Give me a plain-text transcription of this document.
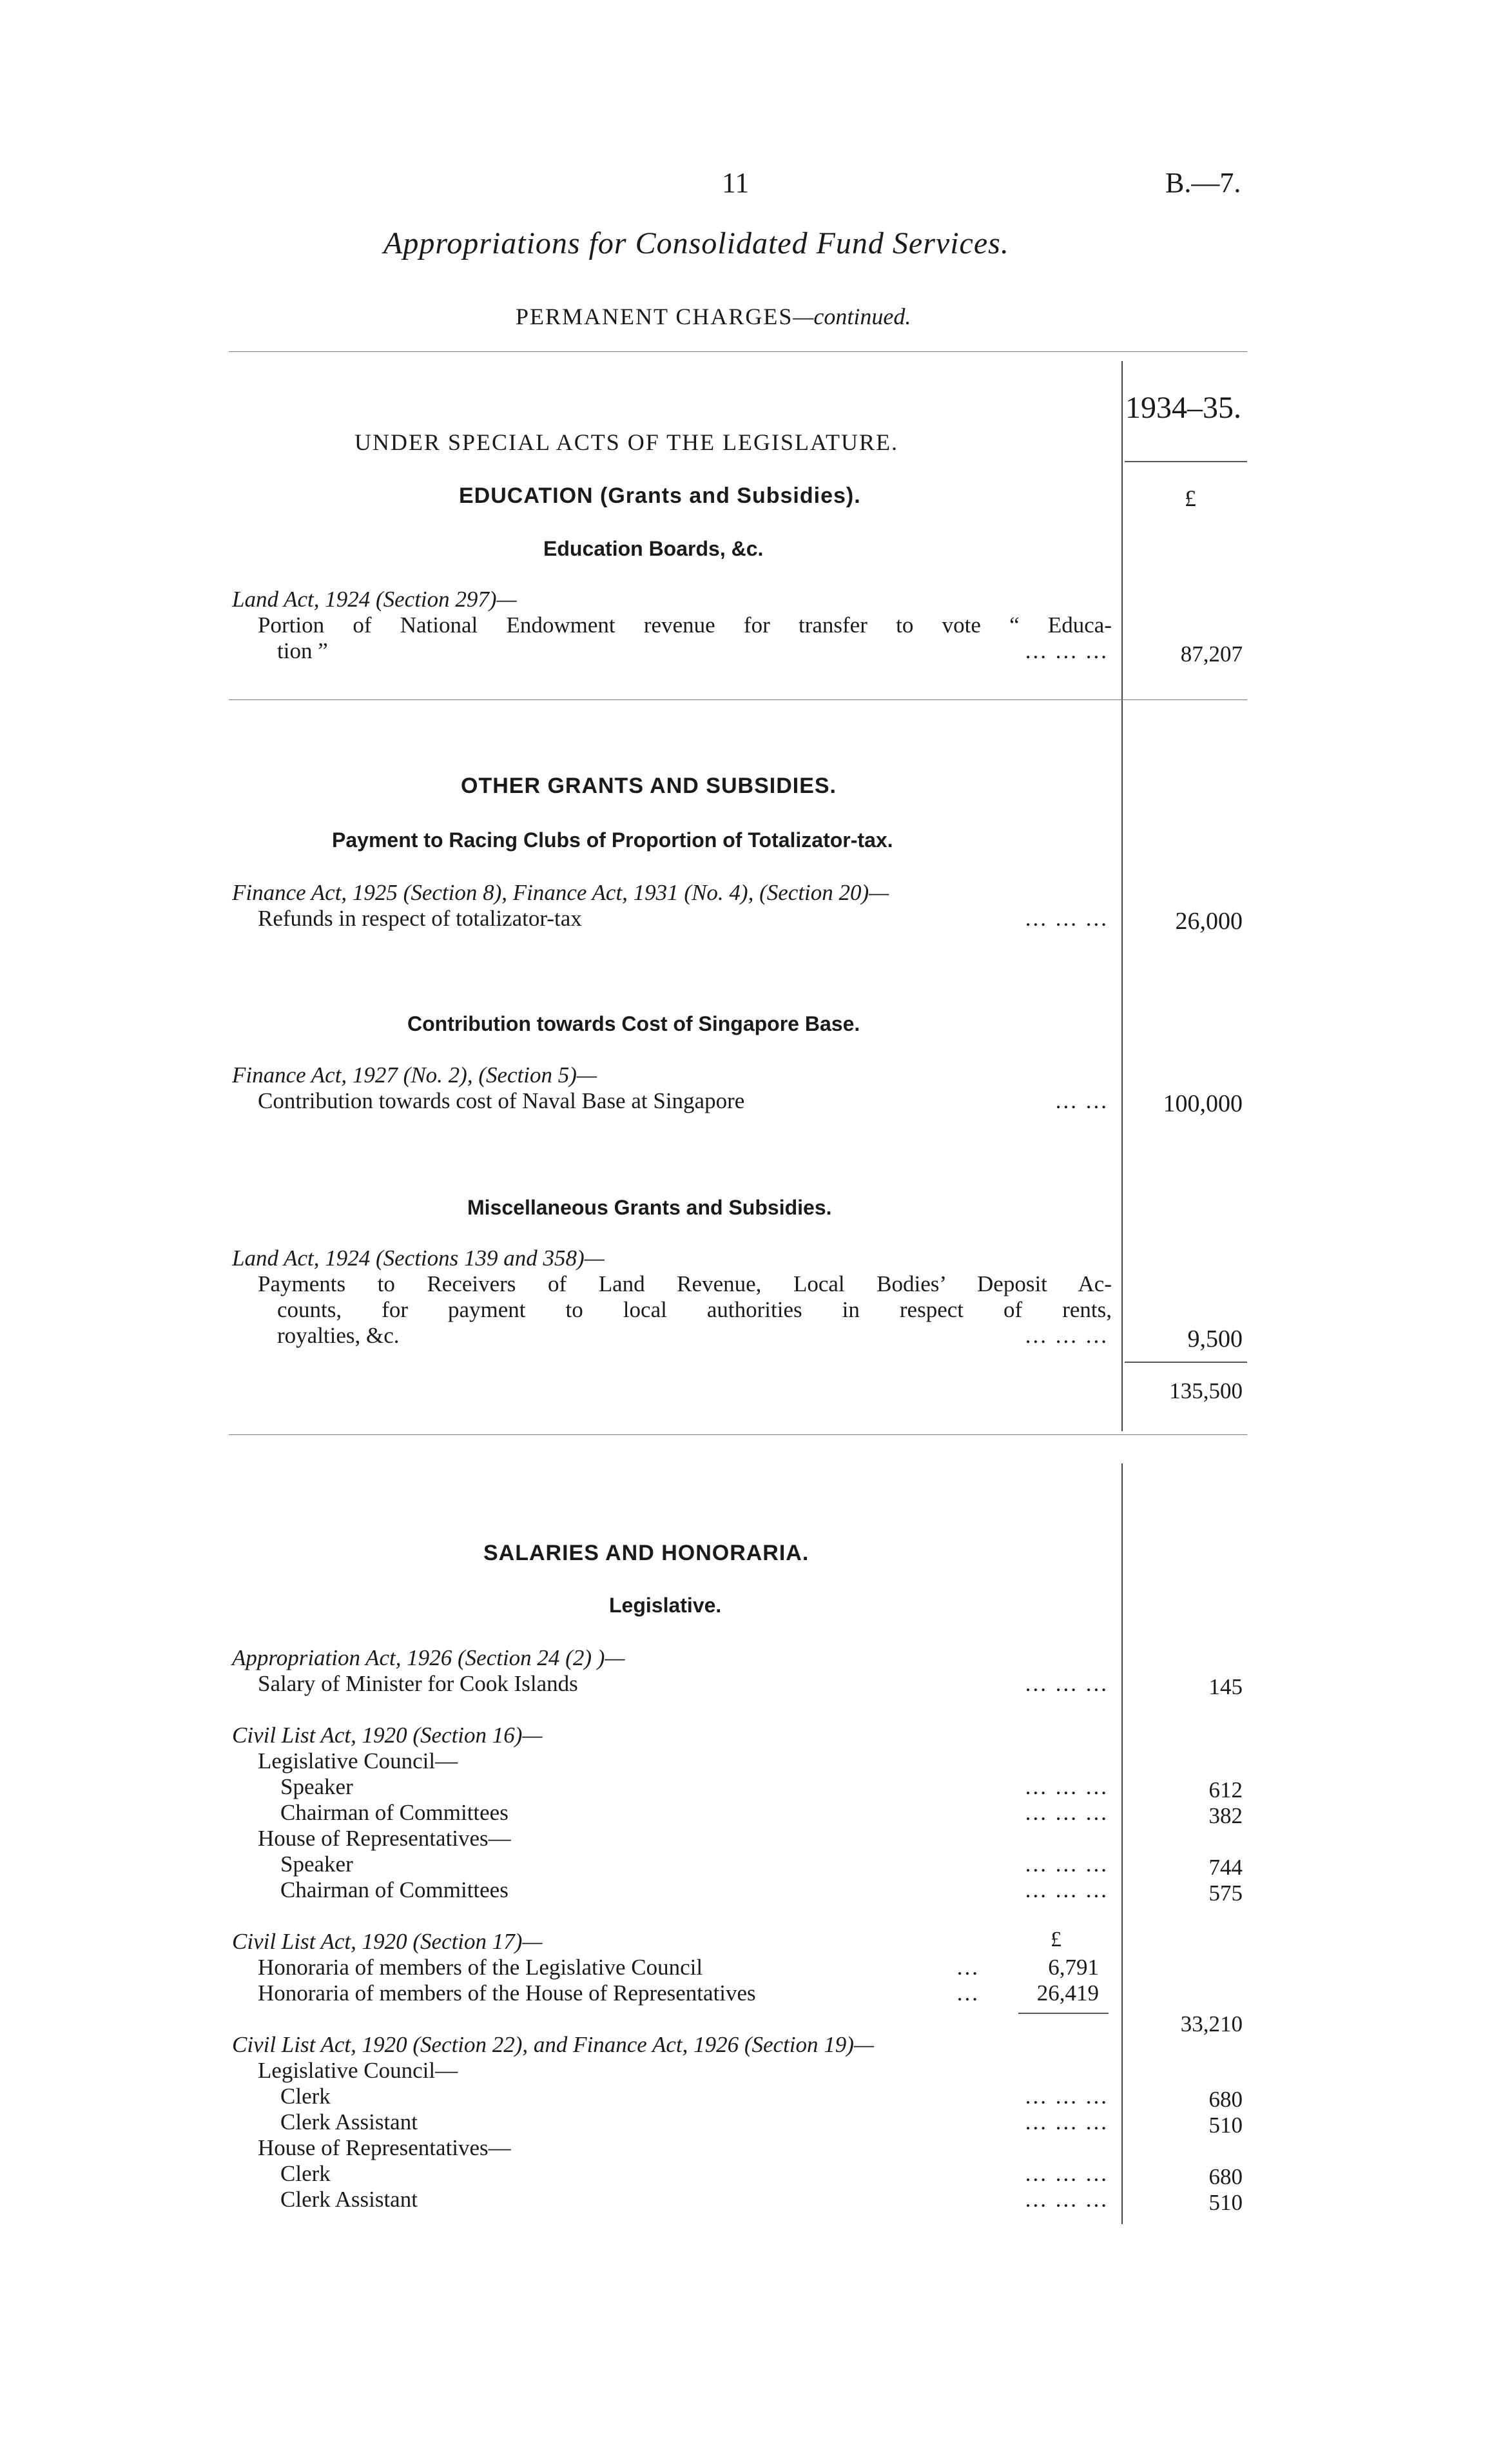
11	B.—7.
Appropriations for Consolidated Fund Services.
PERMANENT CHARGES—continued.
1934–35.
£
UNDER SPECIAL ACTS OF THE LEGISLATURE.
EDUCATION (Grants and Subsidies).
Education Boards, &c.
Land Act, 1924 (Section 297)—
Portion of National Endowment revenue for transfer to vote “ Educa-
tion ”	... ... ...	87,207
OTHER GRANTS AND SUBSIDIES.
Payment to Racing Clubs of Proportion of Totalizator-tax.
Finance Act, 1925 (Section 8), Finance Act, 1931 (No. 4), (Section 20)—
Refunds in respect of totalizator-tax	... ... ...	26,000
Contribution towards Cost of Singapore Base.
Finance Act, 1927 (No. 2), (Section 5)—
Contribution towards cost of Naval Base at Singapore	... ...	100,000
Miscellaneous Grants and Subsidies.
Land Act, 1924 (Sections 139 and 358)—
Payments to Receivers of Land Revenue, Local Bodies’ Deposit Ac-
counts, for payment to local authorities in respect of rents,
royalties, &c.	... ... ...	9,500
135,500
SALARIES AND HONORARIA.
Legislative.
Appropriation Act, 1926 (Section 24 (2) )—
Salary of Minister for Cook Islands	... ... ...	145
Civil List Act, 1920 (Section 16)—
Legislative Council—
Speaker	... ... ...	612
Chairman of Committees	... ... ...	382
House of Representatives—
Speaker	... ... ...	744
Chairman of Committees	... ... ...	575
Civil List Act, 1920 (Section 17)—	£
Honoraria of members of the Legislative Council	...	6,791
Honoraria of members of the House of Representatives	...	26,419
33,210
Civil List Act, 1920 (Section 22), and Finance Act, 1926 (Section 19)—
Legislative Council—
Clerk	... ... ...	680
Clerk Assistant	... ... ...	510
House of Representatives—
Clerk	... ... ...	680
Clerk Assistant	... ... ...	510
